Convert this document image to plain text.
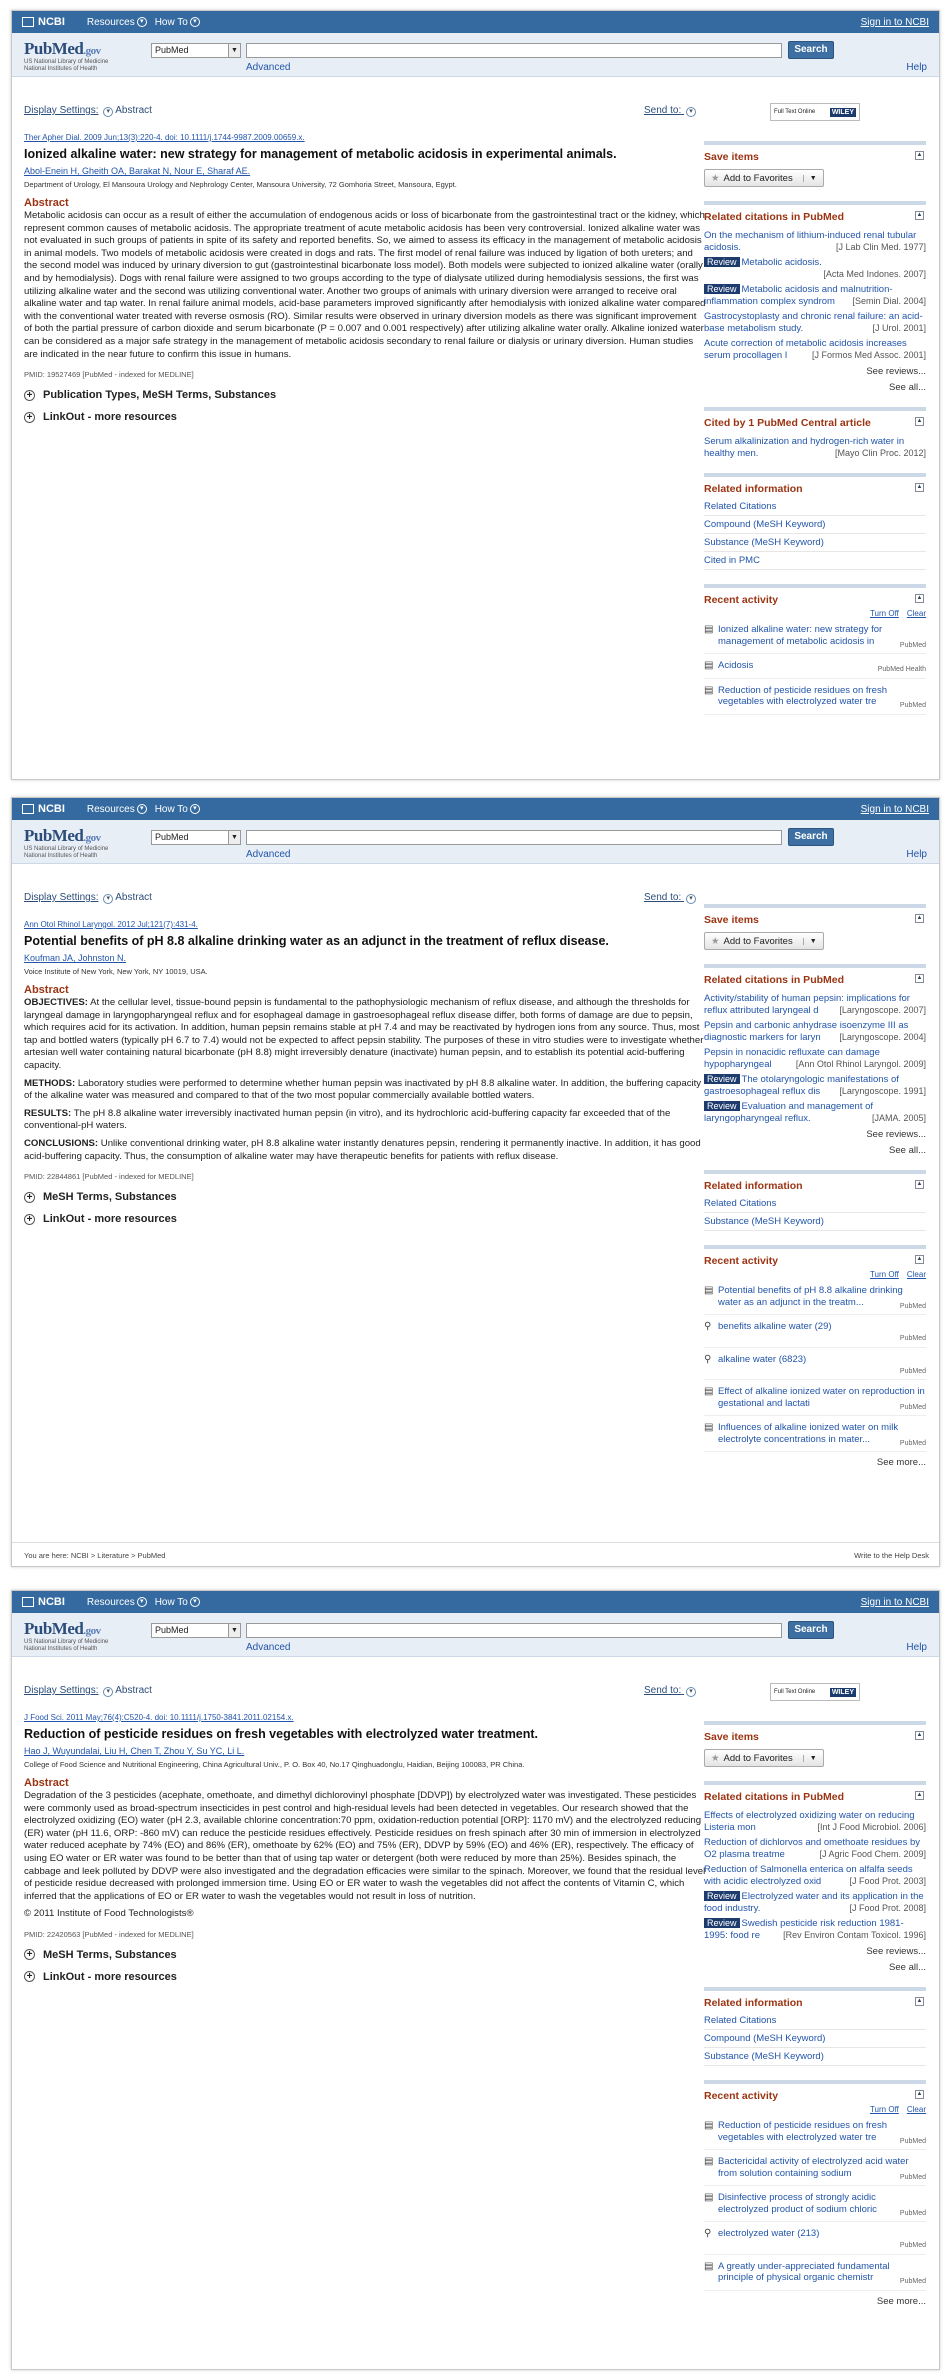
NCBI Resources ▾	How To ▾	Sign in to NCBI
PubMed.gov
US National Library of Medicine
National Institutes of Health
PubMed	▼	Search
Advanced	Help
Display Settings: ▾ Abstract	Send to: ▾	Full Text Online WILEY
Ther Apher Dial. 2009 Jun;13(3):220-4. doi: 10.1111/j.1744-9987.2009.00659.x.
Ionized alkaline water: new strategy for management of metabolic acidosis in experimental animals.
Abol-Enein H, Gheith OA, Barakat N, Nour E, Sharaf AE.
Department of Urology, El Mansoura Urology and Nephrology Center, Mansoura University, 72 Gomhoria Street, Mansoura, Egypt.
Abstract
Metabolic acidosis can occur as a result of either the accumulation of endogenous acids or loss of bicarbonate from the gastrointestinal tract or the kidney, which represent common causes of metabolic acidosis. The appropriate treatment of acute metabolic acidosis has been very controversial. Ionized alkaline water was not evaluated in such groups of patients in spite of its safety and reported benefits. So, we aimed to assess its efficacy in the management of metabolic acidosis in animal models. Two models of metabolic acidosis were created in dogs and rats. The first model of renal failure was induced by ligation of both ureters; and the second model was induced by urinary diversion to gut (gastrointestinal bicarbonate loss model). Both models were subjected to ionized alkaline water (orally and by hemodialysis). Dogs with renal failure were assigned to two groups according to the type of dialysate utilized during hemodialysis sessions, the first was utilizing alkaline water and the second was utilizing conventional water. Another two groups of animals with urinary diversion were arranged to receive oral alkaline water and tap water. In renal failure animal models, acid-base parameters improved significantly after hemodialysis with ionized alkaline water compared with the conventional water treated with reverse osmosis (RO). Similar results were observed in urinary diversion models as there was significant improvement of both the partial pressure of carbon dioxide and serum bicarbonate (P = 0.007 and 0.001 respectively) after utilizing alkaline water orally. Alkaline ionized water can be considered as a major safe strategy in the management of metabolic acidosis secondary to renal failure or dialysis or urinary diversion. Human studies are indicated in the near future to confirm this issue in humans.
PMID: 19527469 [PubMed - indexed for MEDLINE]
+ Publication Types, MeSH Terms, Substances
+ LinkOut - more resources
Save items	▲
★ Add to Favorites	▼
Related citations in PubMed	▲
On the mechanism of lithium-induced renal tubular acidosis.	[J Lab Clin Med. 1977]
Review Metabolic acidosis.

[Acta Med Indones. 2007]

Review Metabolic acidosis and malnutrition-inflammation complex syndrom [Semin Dial. 2004]
Gastrocystoplasty and chronic renal failure: an acid-base metabolism study.	[J Urol. 2001]
Acute correction of metabolic acidosis increases serum procollagen I	[J Formos Med Assoc. 2001]
See reviews...
See all...
Cited by 1 PubMed Central article	▲
Serum alkalinization and hydrogen-rich water in healthy men.	[Mayo Clin Proc. 2012]
Related information	▲
Related Citations
Compound (MeSH Keyword)
Substance (MeSH Keyword)
Cited in PMC
Recent activity	▲
Turn Off Clear
▤ Ionized alkaline water: new strategy for management of metabolic acidosis in	PubMed
▤ Acidosis	PubMed Health
▤ Reduction of pesticide residues on fresh vegetables with electrolyzed water tre	PubMed
NCBI Resources ▾	How To ▾	Sign in to NCBI
PubMed.gov
US National Library of Medicine
National Institutes of Health
PubMed	▼	Search
Advanced	Help
Display Settings: ▾ Abstract	Send to: ▾
Ann Otol Rhinol Laryngol. 2012 Jul;121(7):431-4.
Potential benefits of pH 8.8 alkaline drinking water as an adjunct in the treatment of reflux disease.
Koufman JA, Johnston N.
Voice Institute of New York, New York, NY 10019, USA.
Abstract
OBJECTIVES: At the cellular level, tissue-bound pepsin is fundamental to the pathophysiologic mechanism of reflux disease, and although the thresholds for laryngeal damage in laryngopharyngeal reflux and for esophageal damage in gastroesophageal reflux disease differ, both forms of damage are due to pepsin, which requires acid for its activation. In addition, human pepsin remains stable at pH 7.4 and may be reactivated by hydrogen ions from any source. Thus, most tap and bottled waters (typically pH 6.7 to 7.4) would not be expected to affect pepsin stability. The purposes of these in vitro studies were to investigate whether artesian well water containing natural bicarbonate (pH 8.8) might irreversibly denature (inactivate) human pepsin, and to establish its potential acid-buffering capacity.
METHODS: Laboratory studies were performed to determine whether human pepsin was inactivated by pH 8.8 alkaline water. In addition, the buffering capacity of the alkaline water was measured and compared to that of the two most popular commercially available bottled waters.
RESULTS: The pH 8.8 alkaline water irreversibly inactivated human pepsin (in vitro), and its hydrochloric acid-buffering capacity far exceeded that of the conventional-pH waters.
CONCLUSIONS: Unlike conventional drinking water, pH 8.8 alkaline water instantly denatures pepsin, rendering it permanently inactive. In addition, it has good acid-buffering capacity. Thus, the consumption of alkaline water may have therapeutic benefits for patients with reflux disease.
PMID: 22844861 [PubMed - indexed for MEDLINE]
+ MeSH Terms, Substances
+ LinkOut - more resources
Save items	▲
★ Add to Favorites	▼
Related citations in PubMed	▲
Activity/stability of human pepsin: implications for reflux attributed laryngeal d [Laryngoscope. 2007]
Pepsin and carbonic anhydrase isoenzyme III as diagnostic markers for laryn [Laryngoscope. 2004]
Pepsin in nonacidic refluxate can damage hypopharyngeal	[Ann Otol Rhinol Laryngol. 2009]
Review The otolaryngologic manifestations of gastroesophageal reflux dis [Laryngoscope. 1991]
Review Evaluation and management of laryngopharyngeal reflux.	[JAMA. 2005]
See reviews...
See all...
Related information	▲
Related Citations
Substance (MeSH Keyword)
Recent activity	▲
Turn Off Clear
▤ Potential benefits of pH 8.8 alkaline drinking water as an adjunct in the treatm...	PubMed
⚲ benefits alkaline water (29)
PubMed
⚲ alkaline water (6823)
PubMed
▤ Effect of alkaline ionized water on reproduction in gestational and lactati	PubMed
▤ Influences of alkaline ionized water on milk electrolyte concentrations in mater...	PubMed
See more...
You are here: NCBI > Literature > PubMed	Write to the Help Desk
NCBI Resources ▾	How To ▾	Sign in to NCBI
PubMed.gov
US National Library of Medicine
National Institutes of Health
PubMed	▼	Search
Advanced	Help
Display Settings: ▾ Abstract	Send to: ▾	Full Text Online WILEY
J Food Sci. 2011 May;76(4):C520-4. doi: 10.1111/j.1750-3841.2011.02154.x.
Reduction of pesticide residues on fresh vegetables with electrolyzed water treatment.
Hao J, Wuyundalai, Liu H, Chen T, Zhou Y, Su YC, Li L.
College of Food Science and Nutritional Engineering, China Agricultural Univ., P. O. Box 40, No.17 Qinghuadonglu, Haidian, Beijing 100083, PR China.
Abstract
Degradation of the 3 pesticides (acephate, omethoate, and dimethyl dichlorovinyl phosphate [DDVP]) by electrolyzed water was investigated. These pesticides were commonly used as broad-spectrum insecticides in pest control and high-residual levels had been detected in vegetables. Our research showed that the electrolyzed oxidizing (EO) water (pH 2.3, available chlorine concentration:70 ppm, oxidation-reduction potential [ORP]: 1170 mV) and the electrolyzed reducing (ER) water (pH 11.6, ORP: -860 mV) can reduce the pesticide residues effectively. Pesticide residues on fresh spinach after 30 min of immersion in electrolyzed water reduced acephate by 74% (EO) and 86% (ER), omethoate by 62% (EO) and 75% (ER), DDVP by 59% (EO) and 46% (ER), respectively. The efficacy of using EO water or ER water was found to be better than that of using tap water or detergent (both were reduced by more than 25%). Besides spinach, the cabbage and leek polluted by DDVP were also investigated and the degradation efficacies were similar to the spinach. Moreover, we found that the residual level of pesticide residue decreased with prolonged immersion time. Using EO or ER water to wash the vegetables did not affect the contents of Vitamin C, which inferred that the applications of EO or ER water to wash the vegetables would not result in loss of nutrition.
© 2011 Institute of Food Technologists®
PMID: 22420563 [PubMed - indexed for MEDLINE]
+ MeSH Terms, Substances
+ LinkOut - more resources
Save items	▲
★ Add to Favorites	▼
Related citations in PubMed	▲
Effects of electrolyzed oxidizing water on reducing Listeria mon	[Int J Food Microbiol. 2006]
Reduction of dichlorvos and omethoate residues by O2 plasma treatme	[J Agric Food Chem. 2009]
Reduction of Salmonella enterica on alfalfa seeds with acidic electrolyzed oxid	[J Food Prot. 2003]
Review Electrolyzed water and its application in the food industry.	[J Food Prot. 2008]
Review Swedish pesticide risk reduction 1981-1995: food re	[Rev Environ Contam Toxicol. 1996]
See reviews...
See all...
Related information	▲
Related Citations
Compound (MeSH Keyword)
Substance (MeSH Keyword)
Recent activity	▲
Turn Off Clear
▤ Reduction of pesticide residues on fresh vegetables with electrolyzed water tre	PubMed
▤ Bactericidal activity of electrolyzed acid water from solution containing sodium	PubMed
▤ Disinfective process of strongly acidic electrolyzed product of sodium chloric	PubMed
⚲ electrolyzed water (213)
PubMed
▤ A greatly under-appreciated fundamental principle of physical organic chemistr	PubMed
See more...
